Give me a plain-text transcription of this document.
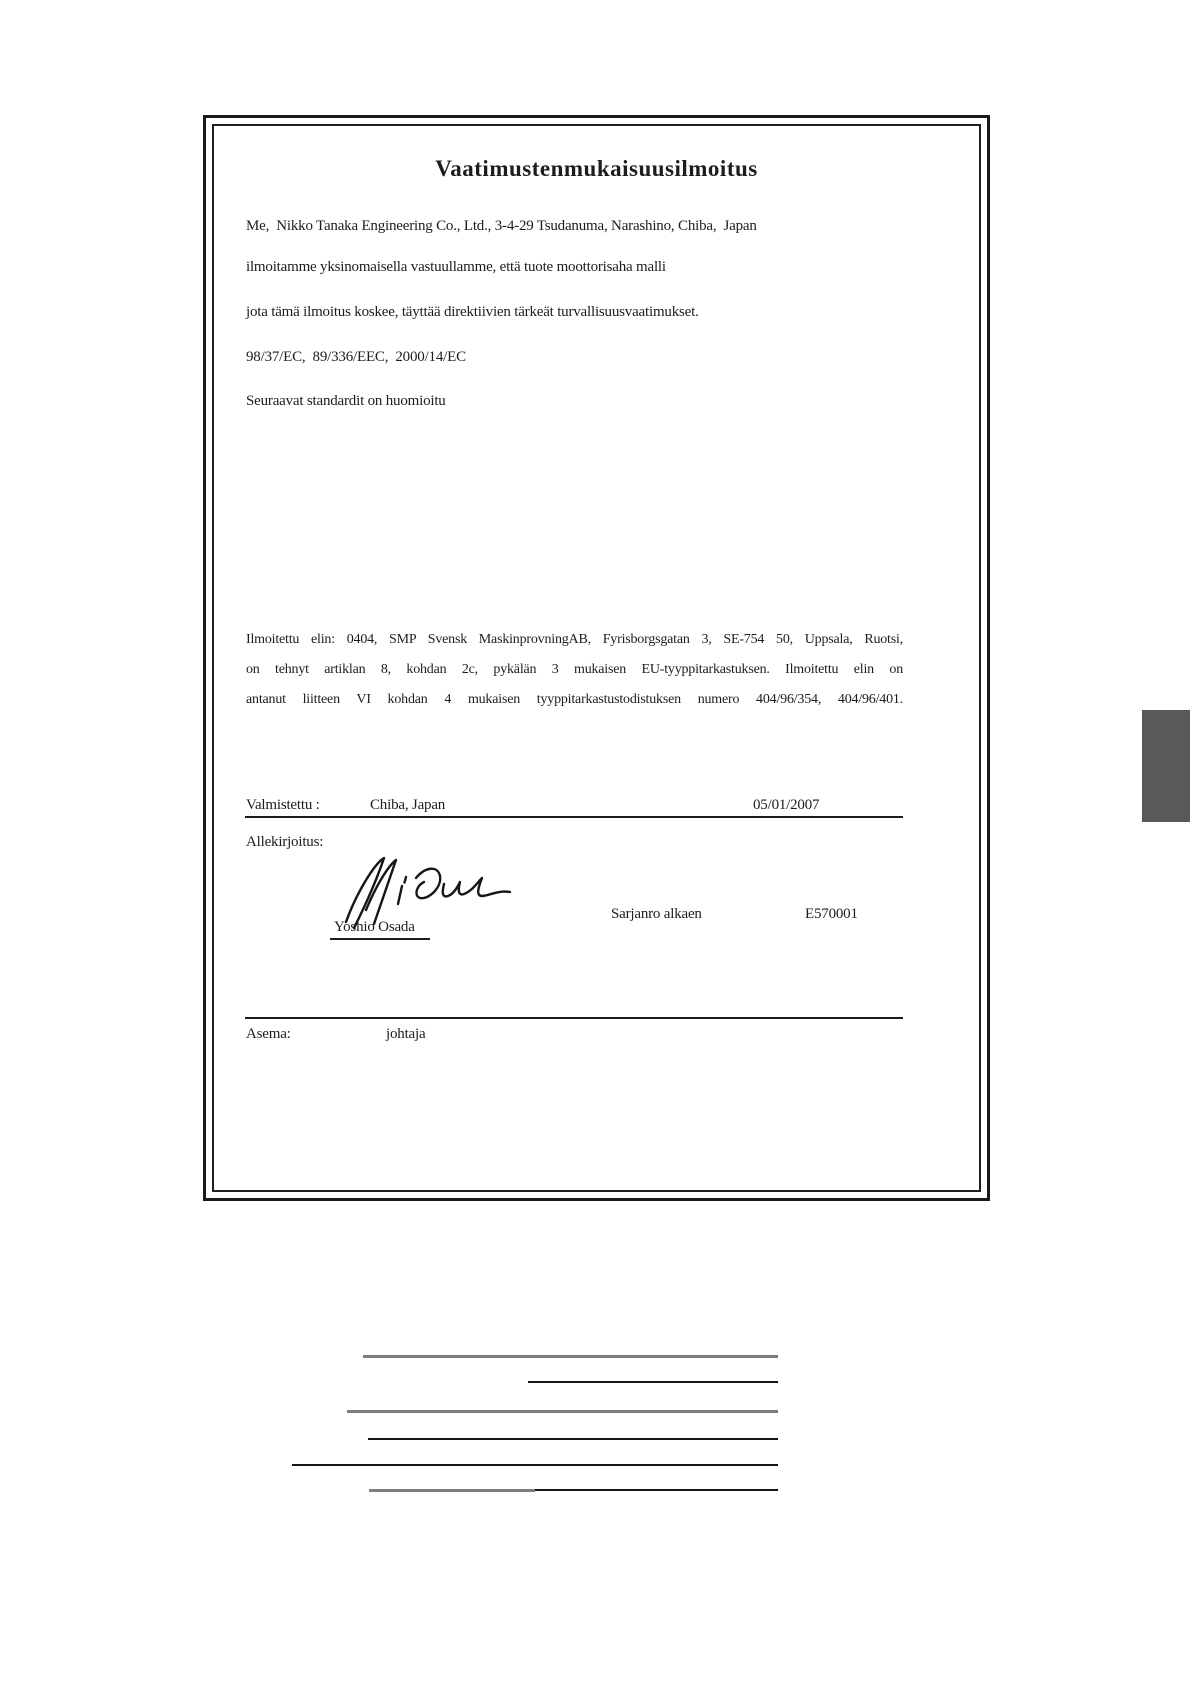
Vaatimustenmukaisuusilmoitus
Me,  Nikko Tanaka Engineering Co., Ltd., 3-4-29 Tsudanuma, Narashino, Chiba,  Japan
ilmoitamme yksinomaisella vastuullamme, että tuote moottorisaha malli
jota tämä ilmoitus koskee, täyttää direktiivien tärkeät turvallisuusvaatimukset.
98/37/EC,  89/336/EEC,  2000/14/EC
Seuraavat standardit on huomioitu
Ilmoitettu elin: 0404, SMP Svensk MaskinprovningAB, Fyrisborgsgatan 3, SE-754 50, Uppsala, Ruotsi,
on tehnyt artiklan 8, kohdan 2c, pykälän 3 mukaisen EU-tyyppitarkastuksen. Ilmoitettu elin on
antanut liitteen VI kohdan 4 mukaisen tyyppitarkastustodistuksen numero 404/96/354, 404/96/401.
Valmistettu :	Chiba, Japan	05/01/2007
Allekirjoitus:
Yoshio Osada
Sarjanro alkaen	E570001
Asema:	johtaja
